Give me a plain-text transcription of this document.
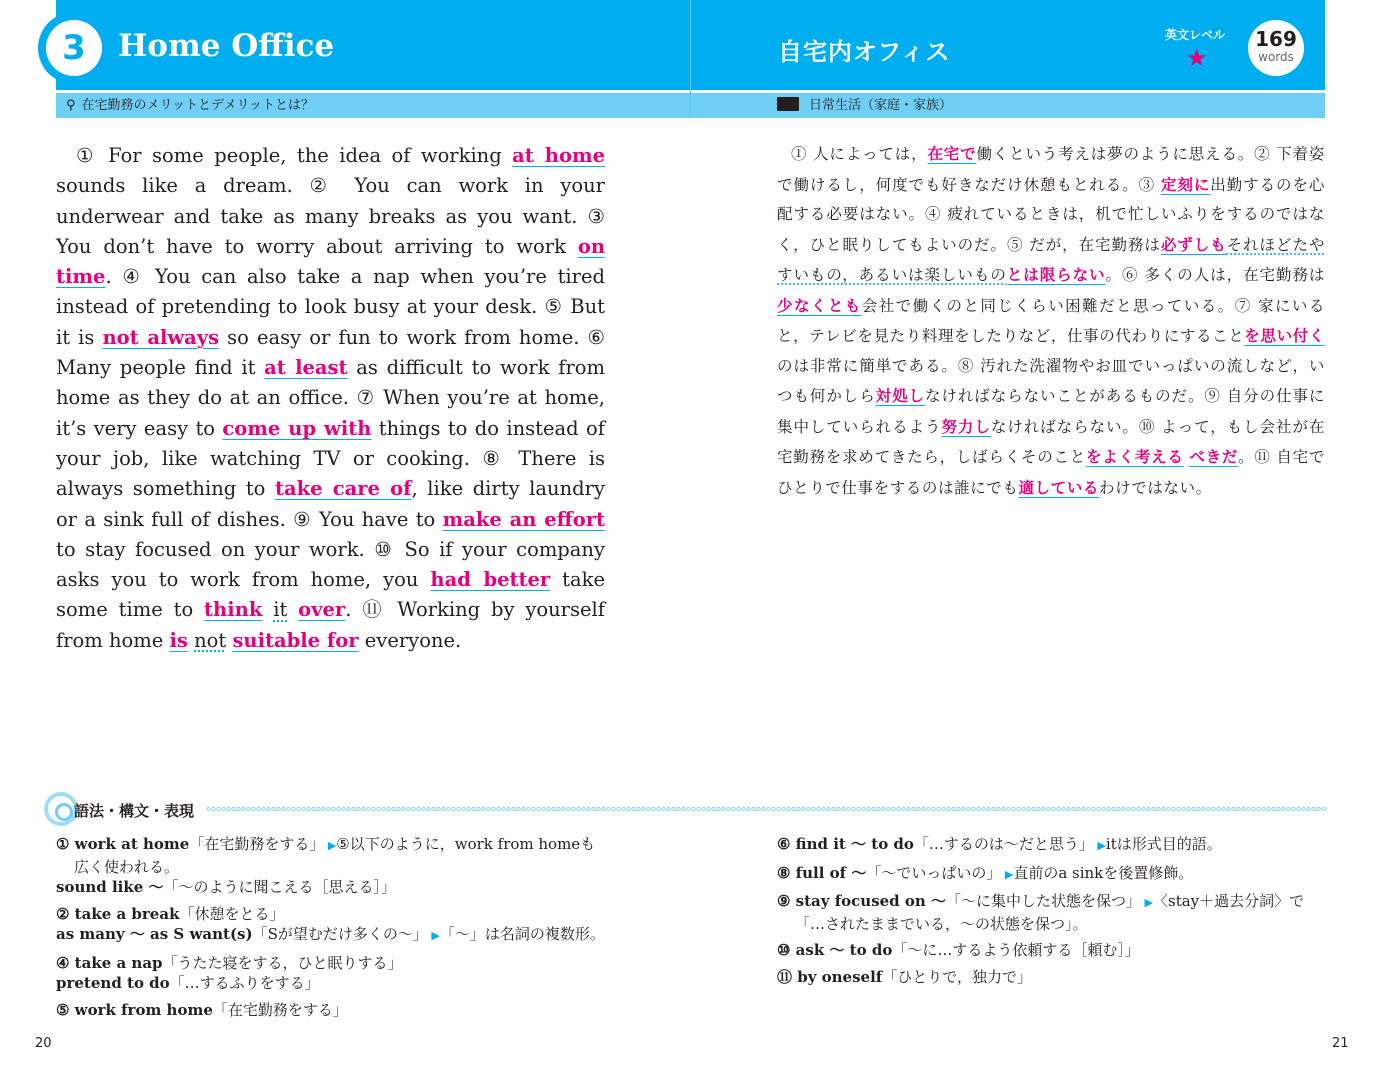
3	Home Office	自宅内オフィス
英文レベル
★
169
words
⚲ 在宅勤務のメリットとデメリットとは？	日常生活（家庭・家族）
① For some people, the idea of working at home sounds like a dream. ② You can work in your underwear and take as many breaks as you want. ③ You don’t have to worry about arriving to work on time. ④ You can also take a nap when you’re tired instead of pretending to look busy at your desk. ⑤ But it is not always so easy or fun to work from home. ⑥ Many people find it at least as difficult to work from home as they do at an office. ⑦ When you’re at home, it’s very easy to come up with things to do instead of your job, like watching TV or cooking. ⑧ There is always something to take care of, like dirty laundry or a sink full of dishes. ⑨ You have to make an effort to stay focused on your work. ⑩ So if your company asks you to work from home, you had better take some time to think it over. ⑪ Working by yourself from home is not suitable for everyone.
① 人によっては，在宅で働くという考えは夢のように思える。② 下着姿で働けるし，何度でも好きなだけ休憩もとれる。③ 定刻に出勤するのを心配する必要はない。④ 疲れているときは，机で忙しいふりをするのではなく，ひと眠りしてもよいのだ。⑤ だが，在宅勤務は必ずしもそれほどたやすいもの，あるいは楽しいものとは限らない。⑥ 多くの人は，在宅勤務は少なくとも会社で働くのと同じくらい困難だと思っている。⑦ 家にいると，テレビを見たり料理をしたりなど，仕事の代わりにすることを思い付くのは非常に簡単である。⑧ 汚れた洗濯物やお皿でいっぱいの流しなど，いつも何かしら対処しなければならないことがあるものだ。⑨ 自分の仕事に集中していられるよう努力しなければならない。⑩ よって，もし会社が在宅勤務を求めてきたら，しばらくそのことをよく考える べきだ。⑪ 自宅でひとりで仕事をするのは誰にでも適しているわけではない。
語法・構文・表現
① work at home「在宅勤務をする」 ▶⑤以下のように，work from homeも広く使われる。
sound like ～「～のように聞こえる［思える］」
② take a break「休憩をとる」
as many ～ as S want(s)「Sが望むだけ多くの～」 ▶「～」は名詞の複数形。
④ take a nap「うたた寝をする，ひと眠りする」
pretend to do「…するふりをする」
⑤ work from home「在宅勤務をする」
⑥ find it ～ to do「…するのは～だと思う」 ▶itは形式目的語。
⑧ full of ～「～でいっぱいの」 ▶直前のa sinkを後置修飾。
⑨ stay focused on ～「～に集中した状態を保つ」 ▶〈stay＋過去分詞〉で「…されたままでいる，～の状態を保つ」。
⑩ ask ～ to do「～に…するよう依頼する［頼む］」
⑪ by oneself「ひとりで，独力で」
20	21
